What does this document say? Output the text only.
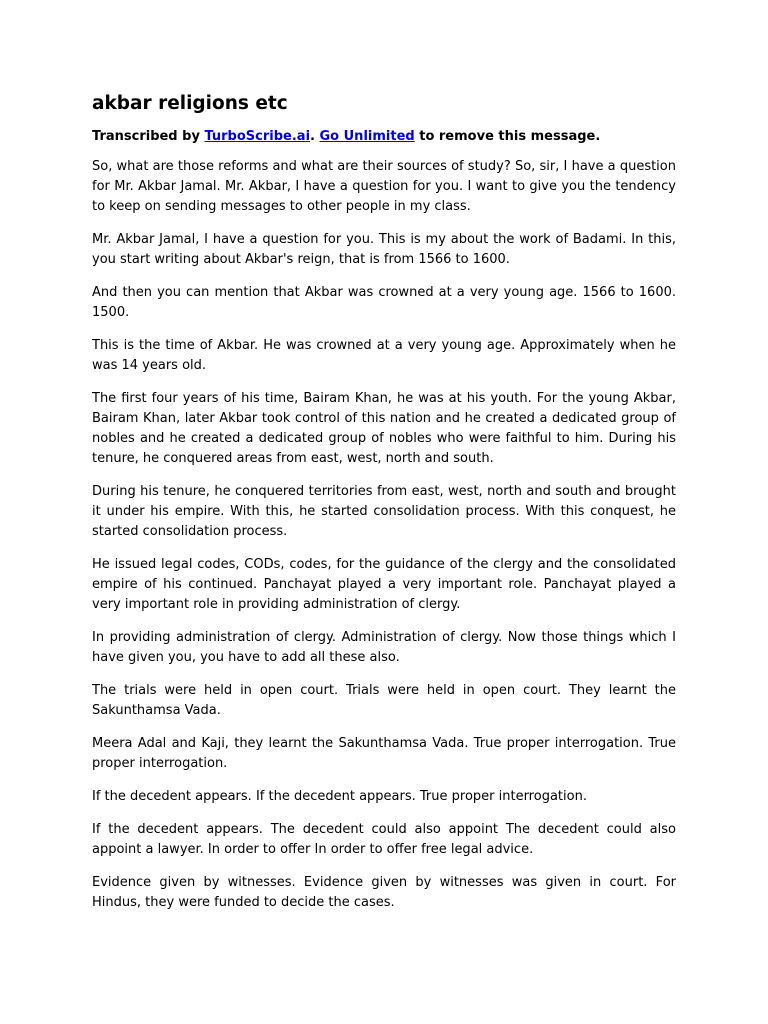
akbar religions etc

Transcribed by TurboScribe.ai. Go Unlimited to remove this message.

So, what are those reforms and what are their sources of study? So, sir, I have a question for Mr. Akbar Jamal. Mr. Akbar, I have a question for you. I want to give you the tendency to keep on sending messages to other people in my class.

Mr. Akbar Jamal, I have a question for you. This is my about the work of Badami. In this, you start writing about Akbar's reign, that is from 1566 to 1600.

And then you can mention that Akbar was crowned at a very young age. 1566 to 1600. 1500.

This is the time of Akbar. He was crowned at a very young age. Approximately when he was 14 years old.

The first four years of his time, Bairam Khan, he was at his youth. For the young Akbar, Bairam Khan, later Akbar took control of this nation and he created a dedicated group of nobles and he created a dedicated group of nobles who were faithful to him. During his tenure, he conquered areas from east, west, north and south.

During his tenure, he conquered territories from east, west, north and south and brought it under his empire. With this, he started consolidation process. With this conquest, he started consolidation process.

He issued legal codes, CODs, codes, for the guidance of the clergy and the consolidated empire of his continued. Panchayat played a very important role. Panchayat played a very important role in providing administration of clergy.

In providing administration of clergy. Administration of clergy. Now those things which I have given you, you have to add all these also.

The trials were held in open court. Trials were held in open court. They learnt the Sakunthamsa Vada.

Meera Adal and Kaji, they learnt the Sakunthamsa Vada. True proper interrogation. True proper interrogation.

If the decedent appears. If the decedent appears. True proper interrogation.

If the decedent appears. The decedent could also appoint The decedent could also appoint a lawyer. In order to offer In order to offer free legal advice.

Evidence given by witnesses. Evidence given by witnesses was given in court. For Hindus, they were funded to decide the cases.
